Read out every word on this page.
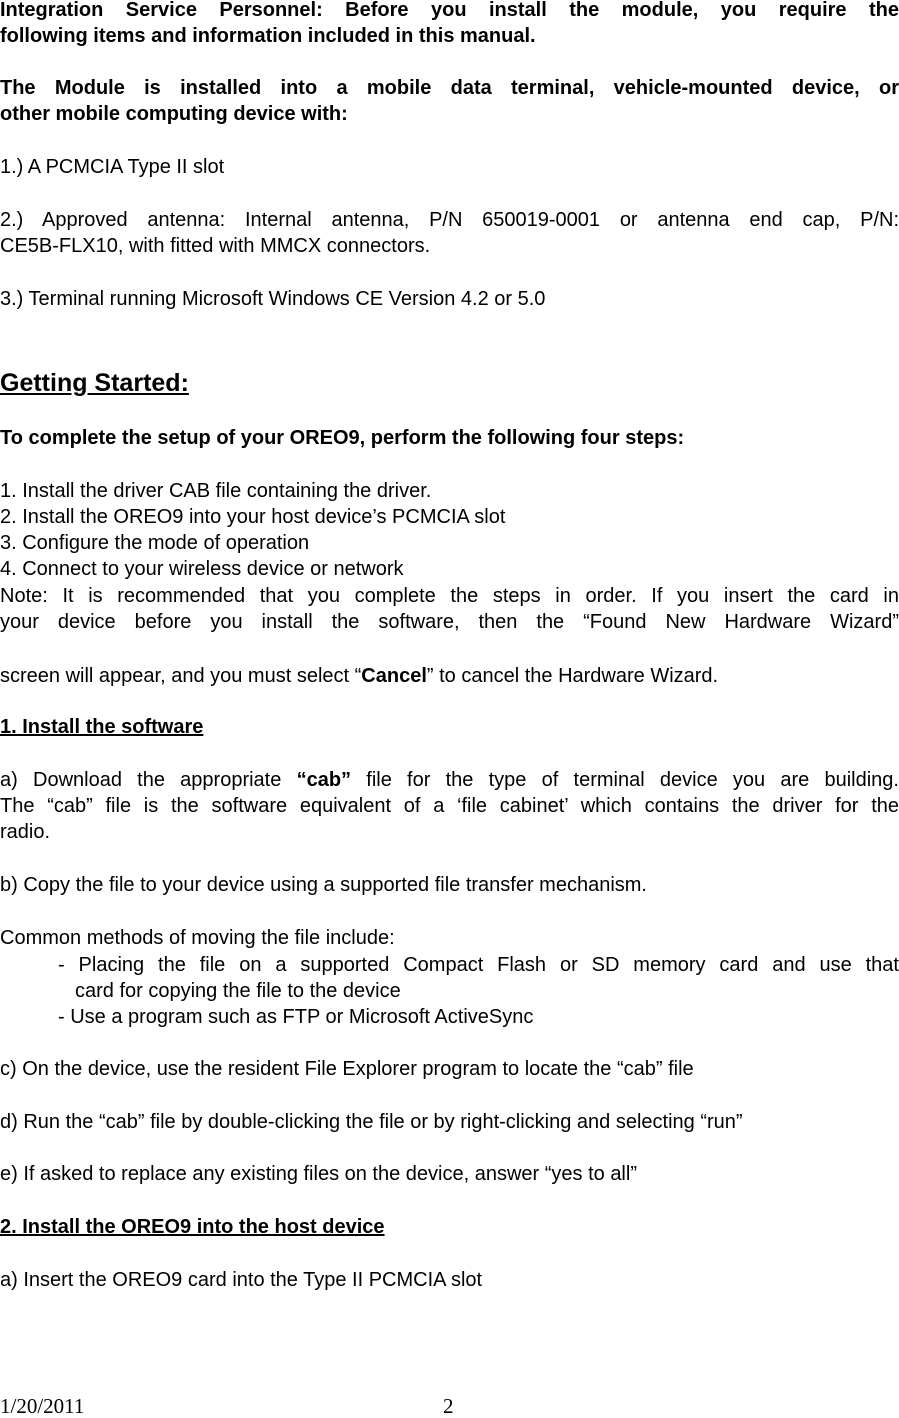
Integration Service Personnel: Before you install the module, you require the
following items and information included in this manual.
The Module is installed into a mobile data terminal, vehicle-mounted device, or
other mobile computing device with:
1.) A PCMCIA Type II slot
2.) Approved antenna: Internal antenna, P/N 650019-0001 or antenna end cap, P/N:
CE5B-FLX10, with fitted with MMCX connectors.
3.) Terminal running Microsoft Windows CE Version 4.2 or 5.0
Getting Started:
To complete the setup of your OREO9, perform the following four steps:
1. Install the driver CAB file containing the driver.
2. Install the OREO9 into your host device’s PCMCIA slot
3. Configure the mode of operation
4. Connect to your wireless device or network
Note: It is recommended that you complete the steps in order. If you insert the card in
your device before you install the software, then the “Found New Hardware Wizard”
screen will appear, and you must select “Cancel” to cancel the Hardware Wizard.
1. Install the software
a) Download the appropriate “cab” file for the type of terminal device you are building.
The “cab” file is the software equivalent of a ‘file cabinet’ which contains the driver for the
radio.
b) Copy the file to your device using a supported file transfer mechanism.
Common methods of moving the file include:
- Placing the file on a supported Compact Flash or SD memory card and use that
card for copying the file to the device
- Use a program such as FTP or Microsoft ActiveSync
c) On the device, use the resident File Explorer program to locate the “cab” file
d) Run the “cab” file by double-clicking the file or by right-clicking and selecting “run”
e) If asked to replace any existing files on the device, answer “yes to all”
2. Install the OREO9 into the host device
a) Insert the OREO9 card into the Type II PCMCIA slot
1/20/2011	2
